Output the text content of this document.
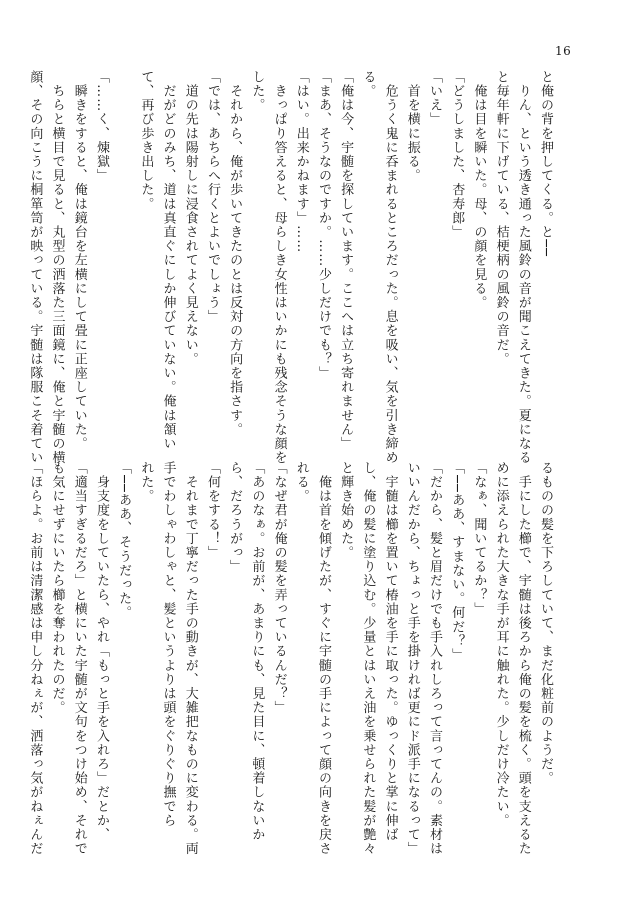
16
と俺の背を押してくる。と──
　りん、という透き通った風鈴の音が聞こえてきた。夏になる
と毎年軒に下げている、桔梗柄の風鈴の音だ。
　俺は目を瞬いた。母、の顔を見る。
「どうしました、杏寿郎」
「いえ」
　首を横に振る。
　危うく鬼に呑まれるところだった。息を吸い、気を引き締め
る。
「俺は今、宇髄を探しています。ここへは立ち寄れません」
「まあ、そうなのですか。……少しだけでも？」
「はい。出来かねます」……
　きっぱり答えると、母らしき女性はいかにも残念そうな顔を
した。
　それから、俺が歩いてきたのとは反対の方向を指さす。
「では、あちらへ行くとよいでしょう」
　道の先は陽射しに浸食されてよく見えない。
　だがどのみち、道は真直ぐにしか伸びていない。俺は頷い
て、再び歩き出した。
「……く、煉獄」
　瞬きをすると、俺は鏡台を左横にして畳に正座していた。
　ちらと横目で見ると、丸型の洒落た三面鏡に、俺と宇髄の横
顔、その向こうに桐箪笥が映っている。宇髄は隊服こそ着てい
るものの髪を下ろしていて、まだ化粧前のようだ。
　手にした櫛で、宇髄は後ろから俺の髪を梳く。頭を支えるた
めに添えられた大きな手が耳に触れた。少しだけ冷たい。
「なぁ、聞いてるか？」
「──ああ、すまない。何だ？」
「だから、髪と眉だけでも手入れしろって言ってんの。素材は
いいんだから、ちょっと手を掛ければ更にド派手になるって」
　宇髄は櫛を置いて椿油を手に取った。ゆっくりと掌に伸ば
し、俺の髪に塗り込む。少量とはいえ油を乗せられた髪が艶々
と輝き始めた。
　俺は首を傾げたが、すぐに宇髄の手によって顔の向きを戻さ
れる。
「なぜ君が俺の髪を弄っているんだ？」
「あのなぁ。お前が、あまりにも、見た目に、頓着しないか
ら、だろうがっ」
「何をする！」
　それまで丁寧だった手の動きが、大雑把なものに変わる。両
手でわしゃわしゃと、髪というよりは頭をぐりぐり撫でら
れた。
「──ああ、そうだった。
　身支度をしていたら、やれ「もっと手を入れろ」だとか、
「適当すぎるだろ」と横にいた宇髄が文句をつけ始め、それで
も気にせずにいたら櫛を奪われたのだ。
「ほらよ。お前は清潔感は申し分ねぇが、洒落っ気がねぇんだ
